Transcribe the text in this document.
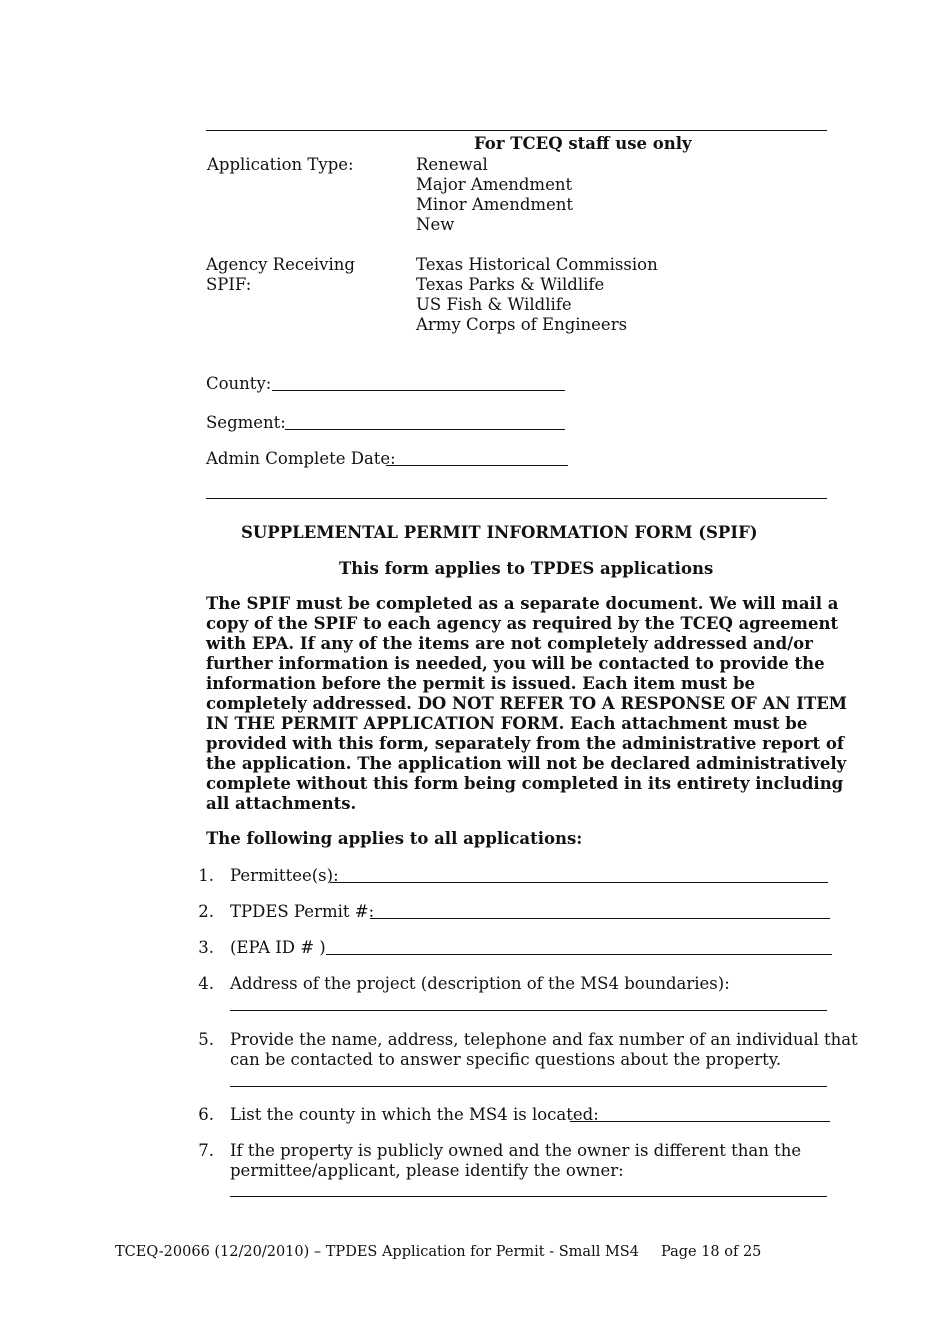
For TCEQ staff use only
Application Type:	Renewal
Major Amendment
Minor Amendment
New
Agency Receiving
SPIF:
Texas Historical Commission
Texas Parks & Wildlife
US Fish & Wildlife
Army Corps of Engineers
County:
Segment:
Admin Complete Date:
SUPPLEMENTAL PERMIT INFORMATION FORM (SPIF)
This form applies to TPDES applications
The SPIF must be completed as a separate document. We will mail a
copy of the SPIF to each agency as required by the TCEQ agreement
with EPA. If any of the items are not completely addressed and/or
further information is needed, you will be contacted to provide the
information before the permit is issued. Each item must be
completely addressed. DO NOT REFER TO A RESPONSE OF AN ITEM
IN THE PERMIT APPLICATION FORM. Each attachment must be
provided with this form, separately from the administrative report of
the application. The application will not be declared administratively
complete without this form being completed in its entirety including
all attachments.
The following applies to all applications:
1. Permittee(s):
2. TPDES Permit #:
3. (EPA ID # )
4. Address of the project (description of the MS4 boundaries):
5. Provide the name, address, telephone and fax number of an individual that
can be contacted to answer specific questions about the property.
6. List the county in which the MS4 is located:
7. If the property is publicly owned and the owner is different than the
permittee/applicant, please identify the owner:
TCEQ-20066 (12/20/2010) – TPDES Application for Permit - Small MS4 Page 18 of 25
